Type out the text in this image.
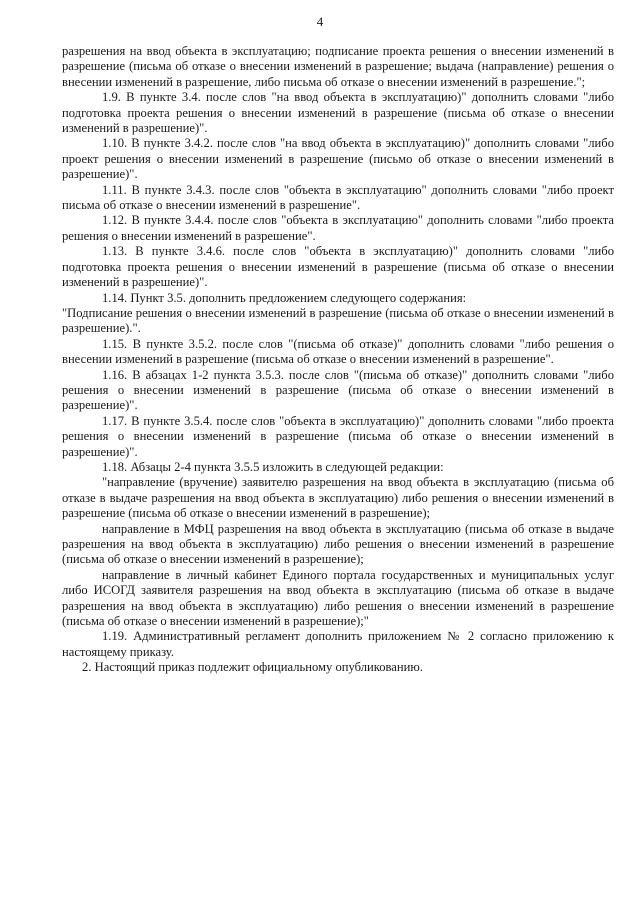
4

разрешения на ввод объекта в эксплуатацию; подписание проекта решения о внесении изменений в разрешение (письма об отказе о внесении изменений в разрешение; выдача (направление) решения о внесении изменений в разрешение, либо письма об отказе о внесении изменений в разрешение.";

1.9. В пункте 3.4. после слов "на ввод объекта в эксплуатацию)" дополнить словами "либо подготовка проекта решения о внесении изменений в разрешение (письма об отказе о внесении изменений в разрешение)".

1.10. В пункте 3.4.2. после слов "на ввод объекта в эксплуатацию)" дополнить словами "либо проект решения о внесении изменений в разрешение (письмо об отказе о внесении изменений в разрешение)".

1.11. В пункте 3.4.3. после слов "объекта в эксплуатацию" дополнить словами "либо проект письма об отказе о внесении изменений в разрешение".

1.12. В пункте 3.4.4. после слов "объекта в эксплуатацию" дополнить словами "либо проекта решения о внесении изменений в разрешение".

1.13. В пункте 3.4.6. после слов "объекта в эксплуатацию)" дополнить словами "либо подготовка проекта решения о внесении изменений в разрешение (письма об отказе о внесении изменений в разрешение)".

1.14. Пункт 3.5. дополнить предложением следующего содержания:

"Подписание решения о внесении изменений в разрешение (письма об отказе о внесении изменений в разрешение).".

1.15. В пункте 3.5.2. после слов "(письма об отказе)" дополнить словами "либо решения о внесении изменений в разрешение (письма об отказе о внесении изменений в разрешение".

1.16. В абзацах 1-2 пункта 3.5.3. после слов "(письма об отказе)" дополнить словами "либо решения о внесении изменений в разрешение (письма об отказе о внесении изменений в разрешение)".

1.17. В пункте 3.5.4. после слов "объекта в эксплуатацию)" дополнить словами "либо проекта решения о внесении изменений в разрешение (письма об отказе о внесении изменений в разрешение)".

1.18. Абзацы 2-4 пункта 3.5.5 изложить в следующей редакции:

"направление (вручение) заявителю разрешения на ввод объекта в эксплуатацию (письма об отказе в выдаче разрешения на ввод объекта в эксплуатацию) либо решения о внесении изменений в разрешение (письма об отказе о внесении изменений в разрешение);

направление в МФЦ разрешения на ввод объекта в эксплуатацию (письма об отказе в выдаче разрешения на ввод объекта в эксплуатацию) либо решения о внесении изменений в разрешение (письма об отказе о внесении изменений в разрешение);

направление в личный кабинет Единого портала государственных и муниципальных услуг либо ИСОГД заявителя разрешения на ввод объекта в эксплуатацию (письма об отказе в выдаче разрешения на ввод объекта в эксплуатацию) либо решения о внесении изменений в разрешение (письма об отказе о внесении изменений в разрешение);"

1.19. Административный регламент дополнить приложением № 2 согласно приложению к настоящему приказу.

2. Настоящий приказ подлежит официальному опубликованию.
